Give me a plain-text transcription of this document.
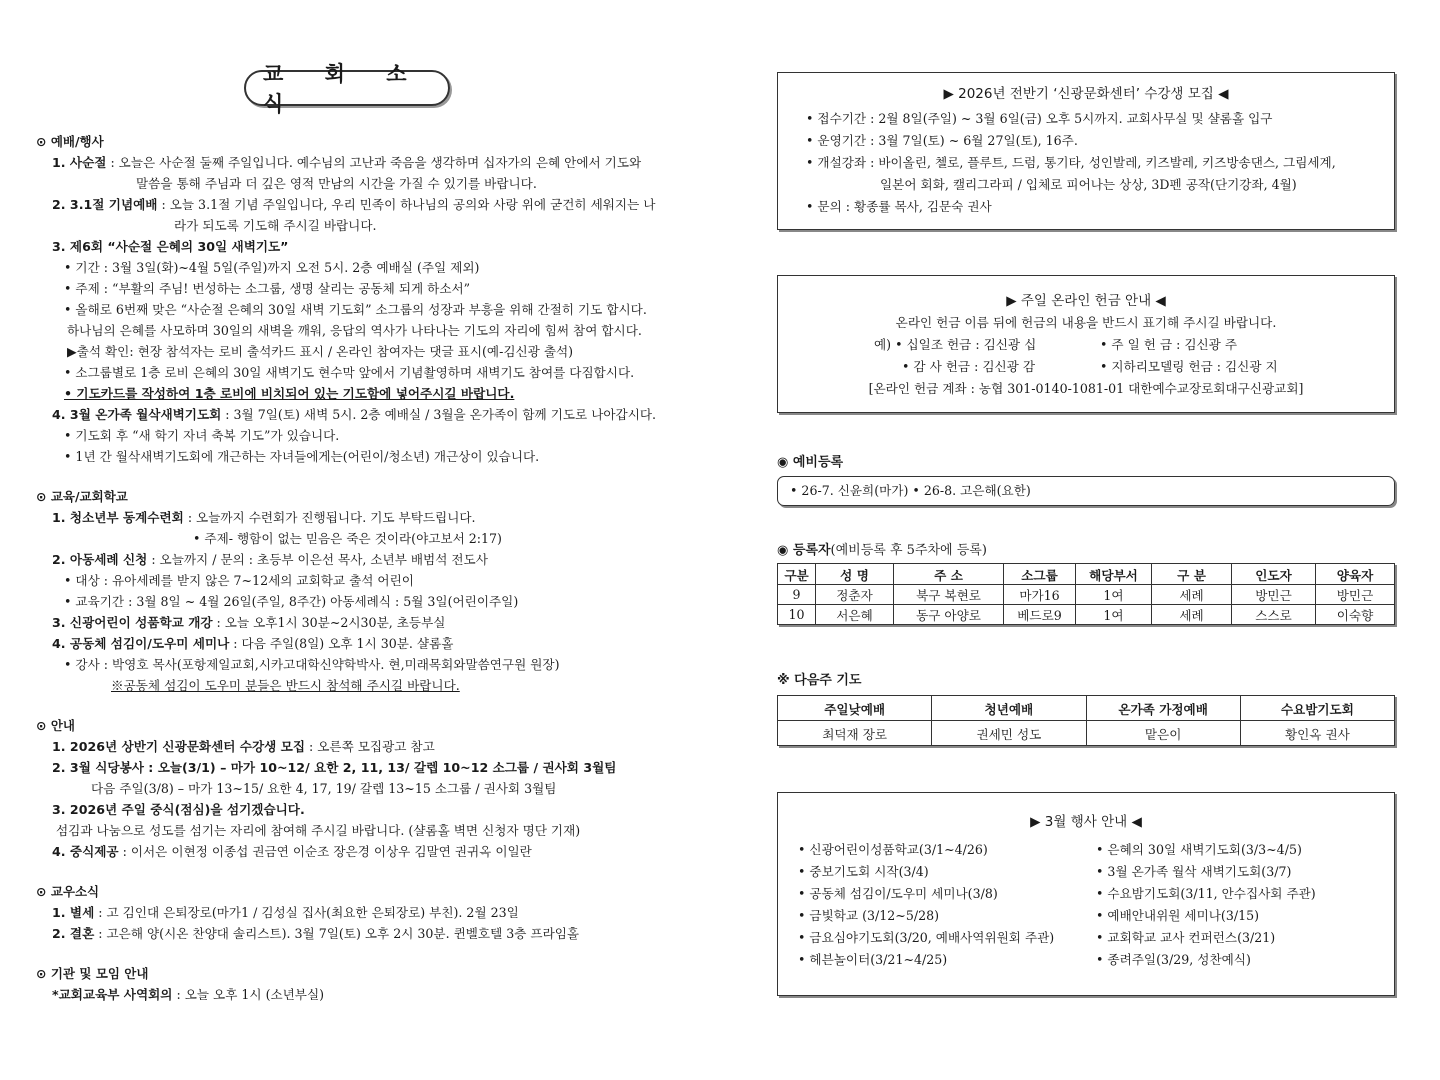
교 회 소 식
⊙ 예배/행사
1. 사순절 : 오늘은 사순절 둘째 주일입니다. 예수님의 고난과 죽음을 생각하며 십자가의 은혜 안에서 기도와
말씀을 통해 주님과 더 깊은 영적 만남의 시간을 가질 수 있기를 바랍니다.
2. 3.1절 기념예배 : 오늘 3.1절 기념 주일입니다, 우리 민족이 하나님의 공의와 사랑 위에 굳건히 세워지는 나
라가 되도록 기도해 주시길 바랍니다.
3. 제6회 “사순절 은혜의 30일 새벽기도”
• 기간 : 3월 3일(화)~4월 5일(주일)까지 오전 5시. 2층 예배실 (주일 제외)
• 주제 : “부활의 주님! 번성하는 소그룹, 생명 살리는 공동체 되게 하소서”
• 올해로 6번째 맞은 “사순절 은혜의 30일 새벽 기도회” 소그룹의 성장과 부흥을 위해 간절히 기도 합시다.
하나님의 은혜를 사모하며 30일의 새벽을 깨워, 응답의 역사가 나타나는 기도의 자리에 힘써 참여 합시다.
▶출석 확인: 현장 참석자는 로비 출석카드 표시 / 온라인 참여자는 댓글 표시(예-김신광 출석)
• 소그룹별로 1층 로비 은혜의 30일 새벽기도 현수막 앞에서 기념촬영하며 새벽기도 참여를 다짐합시다.
• 기도카드를 작성하여 1층 로비에 비치되어 있는 기도함에 넣어주시길 바랍니다.
4. 3월 온가족 월삭새벽기도회 : 3월 7일(토) 새벽 5시. 2층 예배실 / 3월을 온가족이 함께 기도로 나아갑시다.
• 기도회 후 “새 학기 자녀 축복 기도”가 있습니다.
• 1년 간 월삭새벽기도회에 개근하는 자녀들에게는(어린이/청소년) 개근상이 있습니다.
⊙ 교육/교회학교
1. 청소년부 동계수련회 : 오늘까지 수련회가 진행됩니다. 기도 부탁드립니다.
• 주제- 행함이 없는 믿음은 죽은 것이라(야고보서 2:17)
2. 아동세례 신청 : 오늘까지 / 문의 : 초등부 이은선 목사, 소년부 배범석 전도사
• 대상 : 유아세례를 받지 않은 7~12세의 교회학교 출석 어린이
• 교육기간 : 3월 8일 ~ 4월 26일(주일, 8주간) 아동세례식 : 5월 3일(어린이주일)
3. 신광어린이 성품학교 개강 : 오늘 오후1시 30분~2시30분, 초등부실
4. 공동체 섬김이/도우미 세미나 : 다음 주일(8일) 오후 1시 30분. 샬롬홀
• 강사 : 박영호 목사(포항제일교회,시카고대학신약학박사. 현,미래목회와말씀연구원 원장)
※공동체 섬김이 도우미 분들은 반드시 참석해 주시길 바랍니다.
⊙ 안내
1. 2026년 상반기 신광문화센터 수강생 모집 : 오른쪽 모집광고 참고
2. 3월 식당봉사 : 오늘(3/1) – 마가 10~12/ 요한 2, 11, 13/ 갈렙 10~12 소그룹 / 권사회 3월팀
다음 주일(3/8) – 마가 13~15/ 요한 4, 17, 19/ 갈렙 13~15 소그룹 / 권사회 3월팀
3. 2026년 주일 중식(점심)을 섬기겠습니다.
섬김과 나눔으로 성도를 섬기는 자리에 참여해 주시길 바랍니다. (샬롬홀 벽면 신청자 명단 기재)
4. 중식제공 : 이서은 이현정 이종섭 권금연 이순조 장은경 이상우 김말연 권귀옥 이일란
⊙ 교우소식
1. 별세 : 고 김인대 은퇴장로(마가1 / 김성실 집사(최요한 은퇴장로) 부친). 2월 23일
2. 결혼 : 고은해 양(시온 찬양대 솔리스트). 3월 7일(토) 오후 2시 30분. 퀸벨호텔 3층 프라임홀
⊙ 기관 및 모임 안내
*교회교육부 사역회의 : 오늘 오후 1시 (소년부실)
▶ 2026년 전반기 ‘신광문화센터’ 수강생 모집 ◀
• 접수기간 : 2월 8일(주일) ~ 3월 6일(금) 오후 5시까지. 교회사무실 및 샬롬홀 입구
• 운영기간 : 3월 7일(토) ~ 6월 27일(토), 16주.
• 개설강좌 : 바이올린, 첼로, 플루트, 드럼, 통기타, 성인발레, 키즈발레, 키즈방송댄스, 그림세계,
일본어 회화, 캘리그라피 / 입체로 피어나는 상상, 3D펜 공작(단기강좌, 4월)
• 문의 : 황종률 목사, 김문숙 권사
▶ 주일 온라인 헌금 안내 ◀
온라인 헌금 이름 뒤에 헌금의 내용을 반드시 표기해 주시길 바랍니다.
예) • 십일조 헌금 : 김신광 십	• 주 일 헌 금 : 김신광 주
• 감 사 헌금 : 김신광 감	• 지하리모델링 헌금 : 김신광 지
[온라인 헌금 계좌 : 농협 301-0140-1081-01 대한예수교장로회대구신광교회]
◉ 예비등록
• 26-7. 신윤희(마가) • 26-8. 고은해(요한)
◉ 등록자(예비등록 후 5주차에 등록)
구분	성 명	주 소	소그룹	해당부서	구 분	인도자	양육자
9	정춘자	북구 복현로	마가16	1여	세례	방민근	방민근
10	서은혜	동구 아양로	베드로9	1여	세례	스스로	이숙향
※ 다음주 기도
주일낮예배	청년예배	온가족 가정예배	수요밤기도회
최덕재 장로	권세민 성도	맡은이	황인옥 권사
▶ 3월 행사 안내 ◀
• 신광어린이성품학교(3/1~4/26)
• 중보기도회 시작(3/4)
• 공동체 섬김이/도우미 세미나(3/8)
• 금빛학교 (3/12~5/28)
• 금요심야기도회(3/20, 예배사역위원회 주관)
• 헤븐놀이터(3/21~4/25)
• 은혜의 30일 새벽기도회(3/3~4/5)
• 3월 온가족 월삭 새벽기도회(3/7)
• 수요밤기도회(3/11, 안수집사회 주관)
• 예배안내위원 세미나(3/15)
• 교회학교 교사 컨퍼런스(3/21)
• 종려주일(3/29, 성찬예식)
